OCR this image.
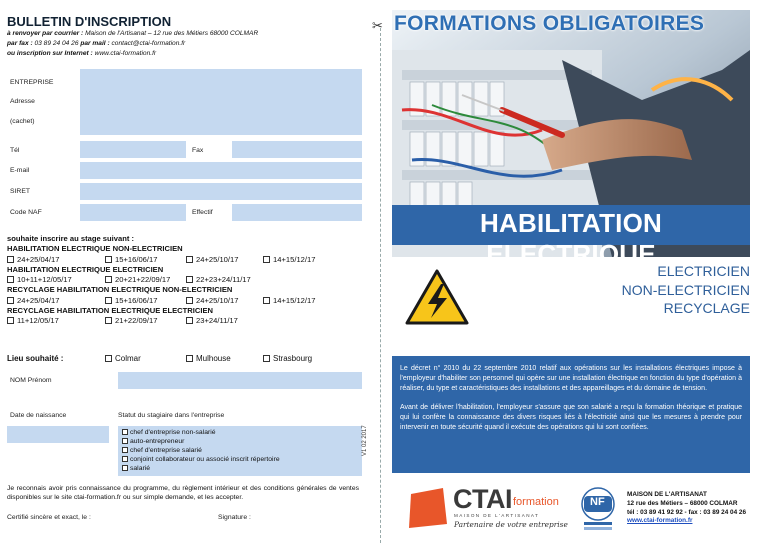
BULLETIN D'INSCRIPTION
à renvoyer par courrier : Maison de l'Artisanat – 12 rue des Métiers 68000 COLMAR
par fax : 03 89 24 04 26 par mail : contact@ctai-formation.fr
ou inscription sur Internet : www.ctai-formation.fr
ENTREPRISE
Adresse
(cachet)
Tél	Fax
E-mail
SIRET
Code NAF	Effectif
souhaite inscrire au stage suivant :
HABILITATION ELECTRIQUE NON-ELECTRICIEN
24+25/04/17	15+16/06/17	24+25/10/17	14+15/12/17
HABILITATION ELECTRIQUE ELECTRICIEN
10+11+12/05/17	20+21+22/09/17	22+23+24/11/17
RECYCLAGE HABILITATION ELECTRIQUE NON-ELECTRICIEN
24+25/04/17	15+16/06/17	24+25/10/17	14+15/12/17
RECYCLAGE HABILITATION ELECTRIQUE ELECTRICIEN
11+12/05/17	21+22/09/17	23+24/11/17
Lieu souhaité :	Colmar	Mulhouse	Strasbourg
NOM Prénom
Date de naissance	Statut du stagiaire dans l'entreprise
chef d'entreprise non-salarié
auto-entrepreneur
chef d'entreprise salarié
conjoint collaborateur ou associé inscrit répertoire
salarié
V1 02 2017
Je reconnais avoir pris connaissance du programme, du règlement intérieur et des conditions générales de ventes disponibles sur le site ctai-formation.fr ou sur simple demande, et les accepter.
Certifié sincère et exact, le :	Signature :
✂ FORMATIONS OBLIGATOIRES
HABILITATION ELECTRIQUE
ELECTRICIEN
NON-ELECTRICIEN
RECYCLAGE

Le décret n° 2010 du 22 septembre 2010 relatif aux opérations sur les installations électriques impose à l'employeur d'habiliter son personnel qui opère sur une installation électrique en fonction du type d'opération à réaliser, du type et caractéristiques des installations et des appareillages et du domaine de tension.

Avant de délivrer l'habilitation, l'employeur s'assure que son salarié a reçu la formation théorique et pratique qui lui confère la connaissance des divers risques liés à l'électricité ainsi que les mesures à prendre pour intervenir en toute sécurité quand il exécute des opérations qui lui sont confiées.

CTAI formation
MAISON DE L'ARTISANAT
Partenaire de votre entreprise
NF
MAISON DE L'ARTISANAT
12 rue des Métiers – 68000 COLMAR
tél : 03 89 41 92 92 - fax : 03 89 24 04 26
www.ctai-formation.fr
